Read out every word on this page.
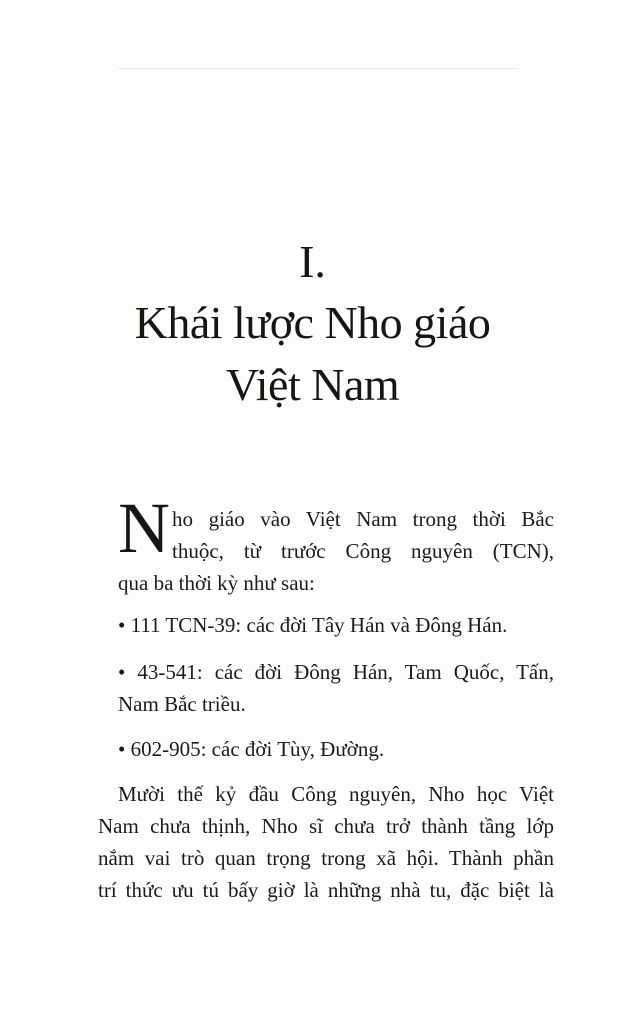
I.
Khái lược Nho giáo
Việt Nam
N ho giáo vào Việt Nam trong thời Bắc
thuộc, từ trước Công nguyên (TCN),
qua ba thời kỳ như sau:
• 111 TCN-39: các đời Tây Hán và Đông Hán.
• 43-541: các đời Đông Hán, Tam Quốc, Tấn,
Nam Bắc triều.
• 602-905: các đời Tùy, Đường.
Mười thế kỷ đầu Công nguyên, Nho học Việt
Nam chưa thịnh, Nho sĩ chưa trở thành tầng lớp
nắm vai trò quan trọng trong xã hội. Thành phần
trí thức ưu tú bấy giờ là những nhà tu, đặc biệt là
